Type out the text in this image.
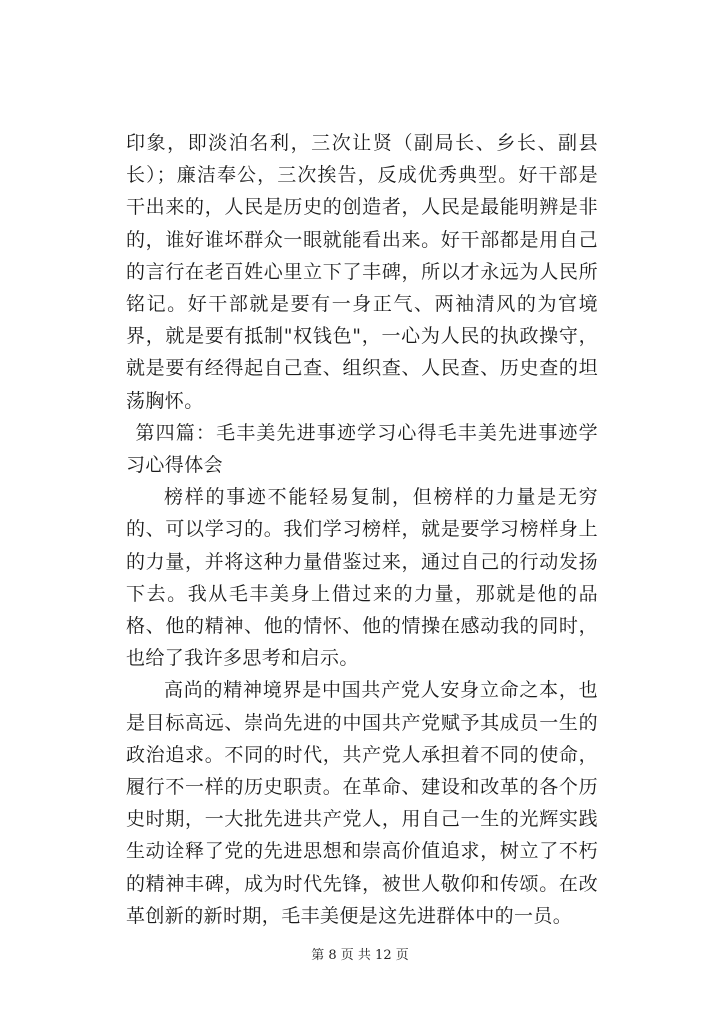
印象，即淡泊名利，三次让贤（副局长、乡长、副县长）；廉洁奉公，三次挨告，反成优秀典型。好干部是干出来的，人民是历史的创造者，人民是最能明辨是非的，谁好谁坏群众一眼就能看出来。好干部都是用自己的言行在老百姓心里立下了丰碑，所以才永远为人民所铭记。好干部就是要有一身正气、两袖清风的为官境界，就是要有抵制"权钱色"，一心为人民的执政操守，就是要有经得起自己查、组织查、人民查、历史查的坦荡胸怀。

第四篇：毛丰美先进事迹学习心得毛丰美先进事迹学习心得体会

榜样的事迹不能轻易复制，但榜样的力量是无穷的、可以学习的。我们学习榜样，就是要学习榜样身上的力量，并将这种力量借鉴过来，通过自己的行动发扬下去。我从毛丰美身上借过来的力量，那就是他的品格、他的精神、他的情怀、他的情操在感动我的同时，也给了我许多思考和启示。

高尚的精神境界是中国共产党人安身立命之本，也是目标高远、崇尚先进的中国共产党赋予其成员一生的政治追求。不同的时代，共产党人承担着不同的使命，履行不一样的历史职责。在革命、建设和改革的各个历史时期，一大批先进共产党人，用自己一生的光辉实践生动诠释了党的先进思想和崇高价值追求，树立了不朽的精神丰碑，成为时代先锋，被世人敬仰和传颂。在改革创新的新时期，毛丰美便是这先进群体中的一员。

第 8 页 共 12 页
